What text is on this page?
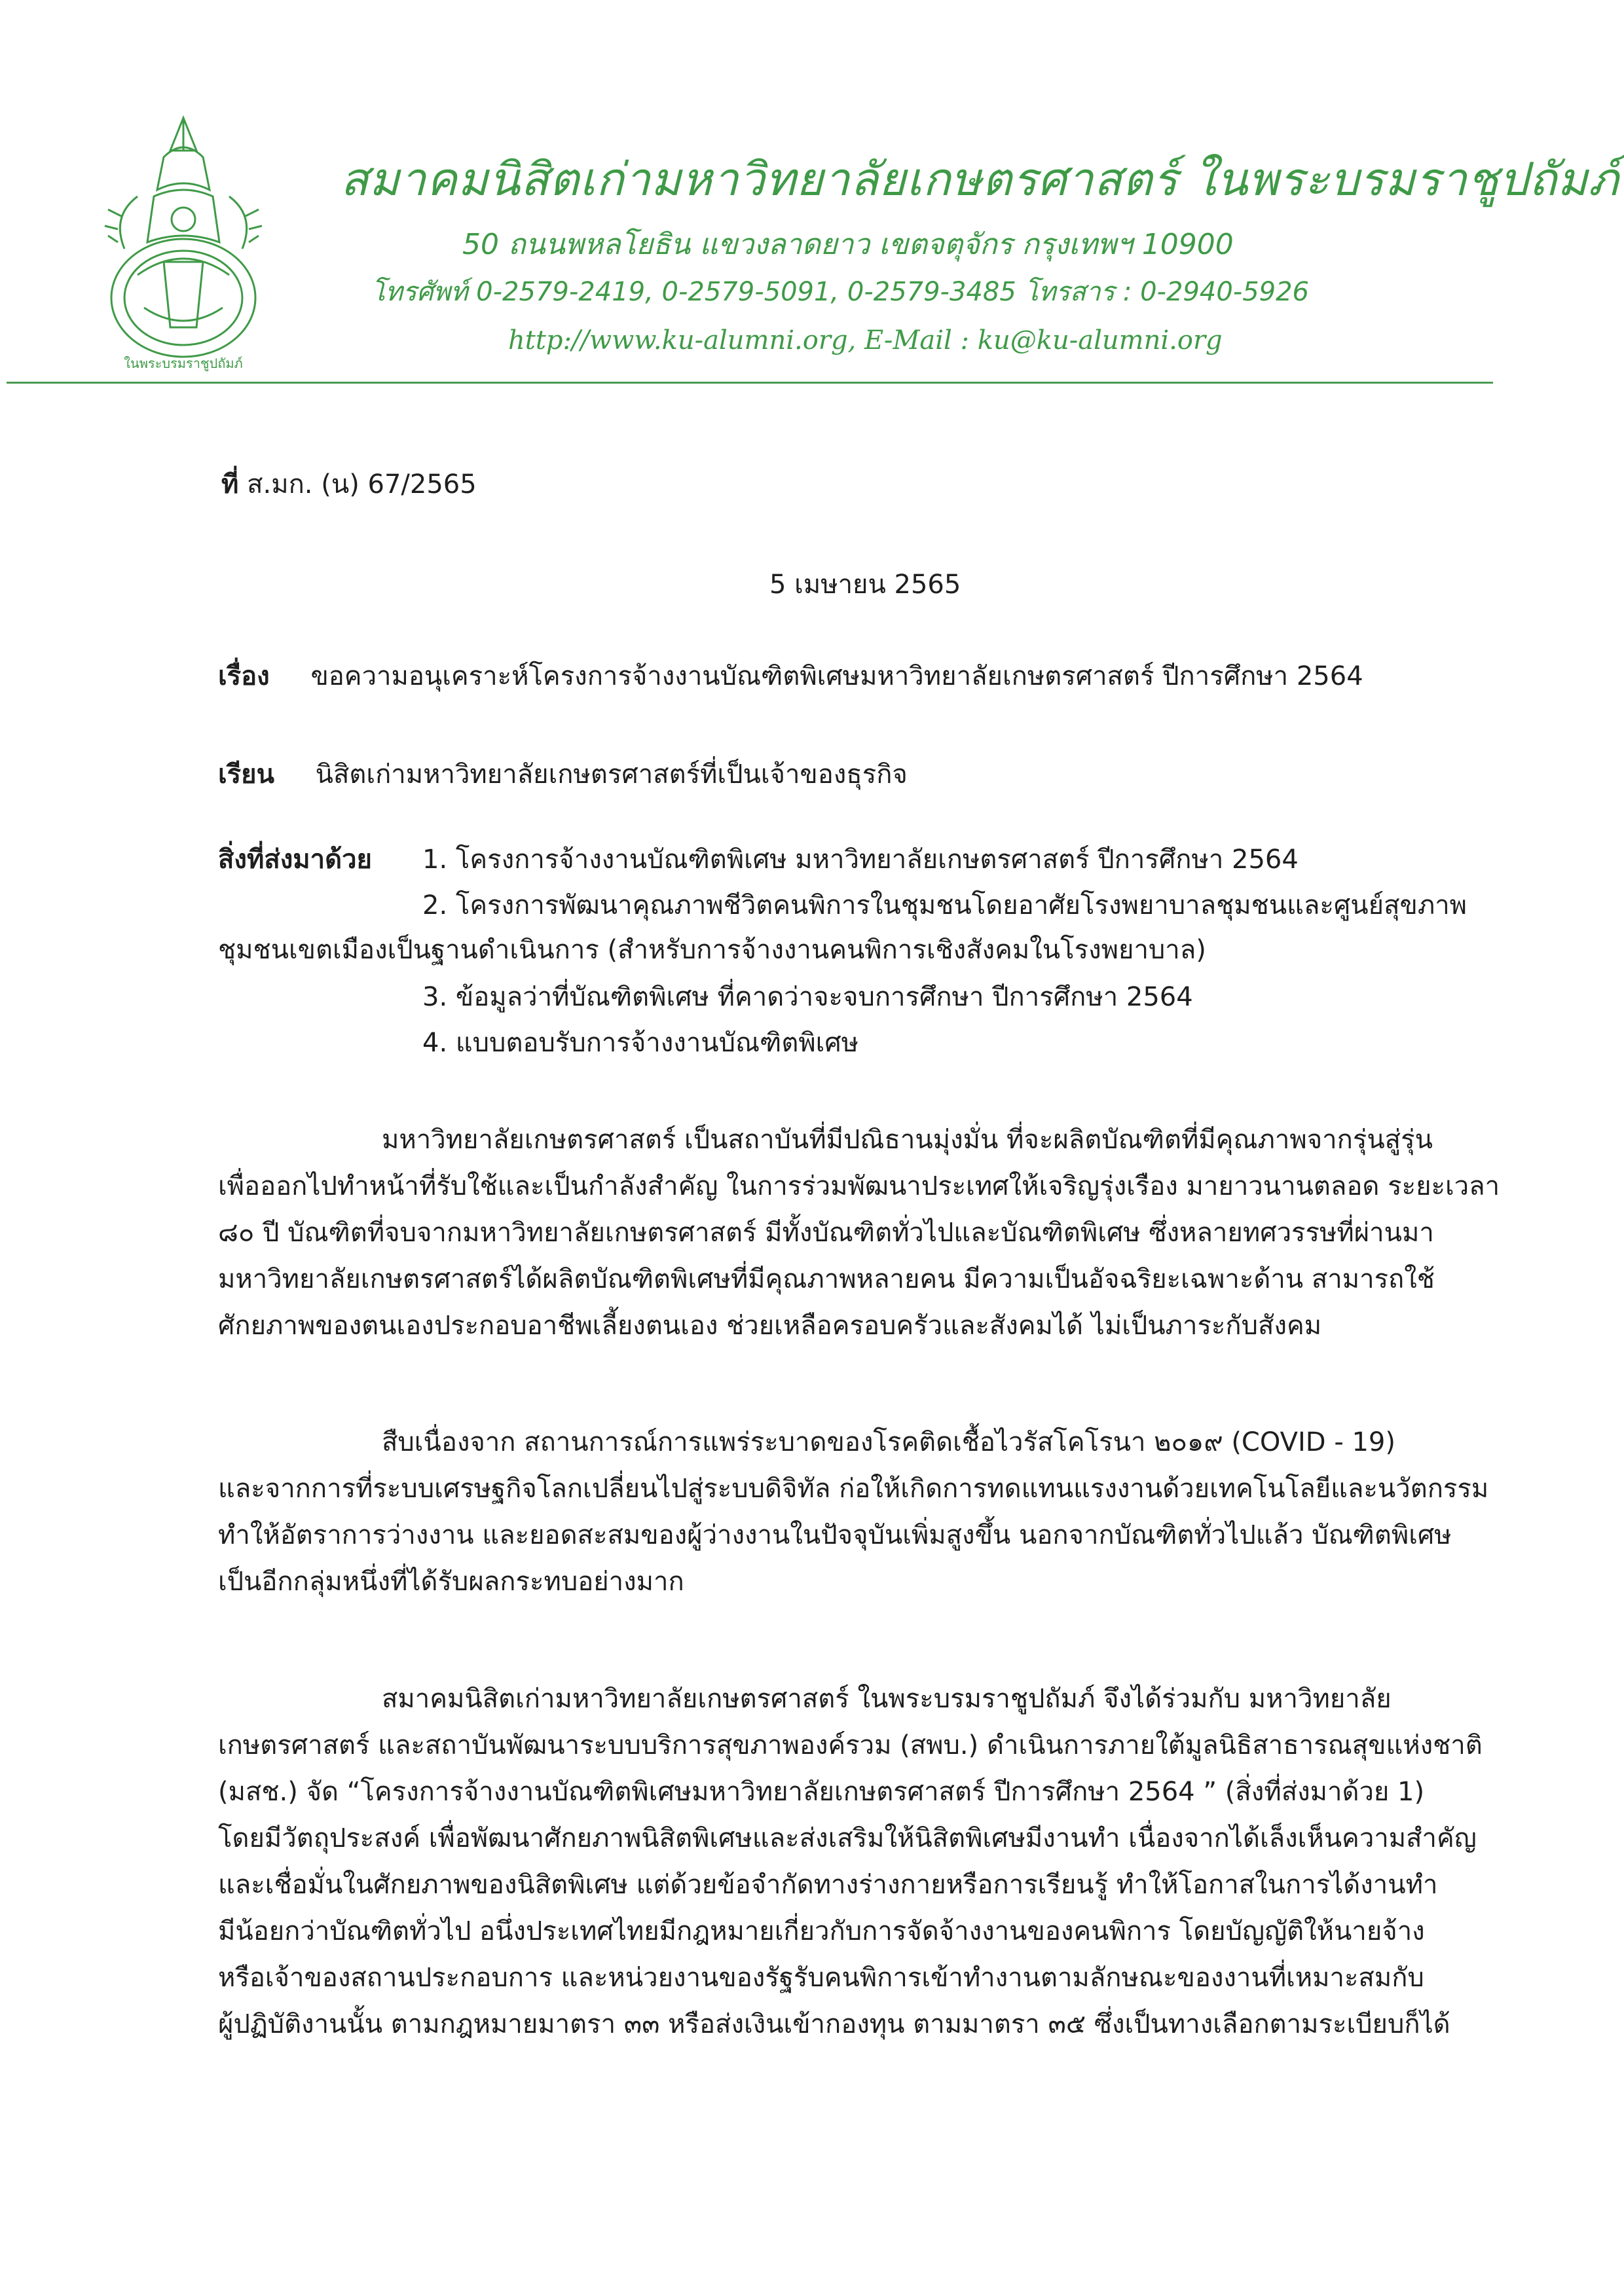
ในพระบรมราชูปถัมภ์
สมาคมนิสิตเก่ามหาวิทยาลัยเกษตรศาสตร์ ในพระบรมราชูปถัมภ์
50 ถนนพหลโยธิน แขวงลาดยาว เขตจตุจักร กรุงเทพฯ 10900
โทรศัพท์ 0-2579-2419, 0-2579-5091, 0-2579-3485 โทรสาร : 0-2940-5926
http://www.ku-alumni.org, E-Mail : ku@ku-alumni.org
ที่ ส.มก. (น) 67/2565
5 เมษายน 2565
เรื่อง ขอความอนุเคราะห์โครงการจ้างงานบัณฑิตพิเศษมหาวิทยาลัยเกษตรศาสตร์ ปีการศึกษา 2564
เรียน นิสิตเก่ามหาวิทยาลัยเกษตรศาสตร์ที่เป็นเจ้าของธุรกิจ
สิ่งที่ส่งมาด้วย 1. โครงการจ้างงานบัณฑิตพิเศษ มหาวิทยาลัยเกษตรศาสตร์ ปีการศึกษา 2564
2. โครงการพัฒนาคุณภาพชีวิตคนพิการในชุมชนโดยอาศัยโรงพยาบาลชุมชนและศูนย์สุขภาพ
ชุมชนเขตเมืองเป็นฐานดำเนินการ (สำหรับการจ้างงานคนพิการเชิงสังคมในโรงพยาบาล)
3. ข้อมูลว่าที่บัณฑิตพิเศษ ที่คาดว่าจะจบการศึกษา ปีการศึกษา 2564
4. แบบตอบรับการจ้างงานบัณฑิตพิเศษ
มหาวิทยาลัยเกษตรศาสตร์ เป็นสถาบันที่มีปณิธานมุ่งมั่น ที่จะผลิตบัณฑิตที่มีคุณภาพจากรุ่นสู่รุ่น
เพื่อออกไปทำหน้าที่รับใช้และเป็นกำลังสำคัญ ในการร่วมพัฒนาประเทศให้เจริญรุ่งเรือง มายาวนานตลอด ระยะเวลา
๘๐ ปี บัณฑิตที่จบจากมหาวิทยาลัยเกษตรศาสตร์ มีทั้งบัณฑิตทั่วไปและบัณฑิตพิเศษ ซึ่งหลายทศวรรษที่ผ่านมา
มหาวิทยาลัยเกษตรศาสตร์ได้ผลิตบัณฑิตพิเศษที่มีคุณภาพหลายคน มีความเป็นอัจฉริยะเฉพาะด้าน สามารถใช้
ศักยภาพของตนเองประกอบอาชีพเลี้ยงตนเอง ช่วยเหลือครอบครัวและสังคมได้ ไม่เป็นภาระกับสังคม
สืบเนื่องจาก สถานการณ์การแพร่ระบาดของโรคติดเชื้อไวรัสโคโรนา ๒๐๑๙ (COVID - 19)
และจากการที่ระบบเศรษฐกิจโลกเปลี่ยนไปสู่ระบบดิจิทัล ก่อให้เกิดการทดแทนแรงงานด้วยเทคโนโลยีและนวัตกรรม
ทำให้อัตราการว่างงาน และยอดสะสมของผู้ว่างงานในปัจจุบันเพิ่มสูงขึ้น นอกจากบัณฑิตทั่วไปแล้ว บัณฑิตพิเศษ
เป็นอีกกลุ่มหนึ่งที่ได้รับผลกระทบอย่างมาก
สมาคมนิสิตเก่ามหาวิทยาลัยเกษตรศาสตร์ ในพระบรมราชูปถัมภ์ จึงได้ร่วมกับ มหาวิทยาลัย
เกษตรศาสตร์ และสถาบันพัฒนาระบบบริการสุขภาพองค์รวม (สพบ.) ดำเนินการภายใต้มูลนิธิสาธารณสุขแห่งชาติ
(มสช.) จัด “โครงการจ้างงานบัณฑิตพิเศษมหาวิทยาลัยเกษตรศาสตร์ ปีการศึกษา 2564 ” (สิ่งที่ส่งมาด้วย 1)
โดยมีวัตถุประสงค์ เพื่อพัฒนาศักยภาพนิสิตพิเศษและส่งเสริมให้นิสิตพิเศษมีงานทำ เนื่องจากได้เล็งเห็นความสำคัญ
และเชื่อมั่นในศักยภาพของนิสิตพิเศษ แต่ด้วยข้อจำกัดทางร่างกายหรือการเรียนรู้ ทำให้โอกาสในการได้งานทำ
มีน้อยกว่าบัณฑิตทั่วไป อนึ่งประเทศไทยมีกฎหมายเกี่ยวกับการจัดจ้างงานของคนพิการ โดยบัญญัติให้นายจ้าง
หรือเจ้าของสถานประกอบการ และหน่วยงานของรัฐรับคนพิการเข้าทำงานตามลักษณะของงานที่เหมาะสมกับ
ผู้ปฏิบัติงานนั้น ตามกฎหมายมาตรา ๓๓ หรือส่งเงินเข้ากองทุน ตามมาตรา ๓๕ ซึ่งเป็นทางเลือกตามระเบียบก็ได้
